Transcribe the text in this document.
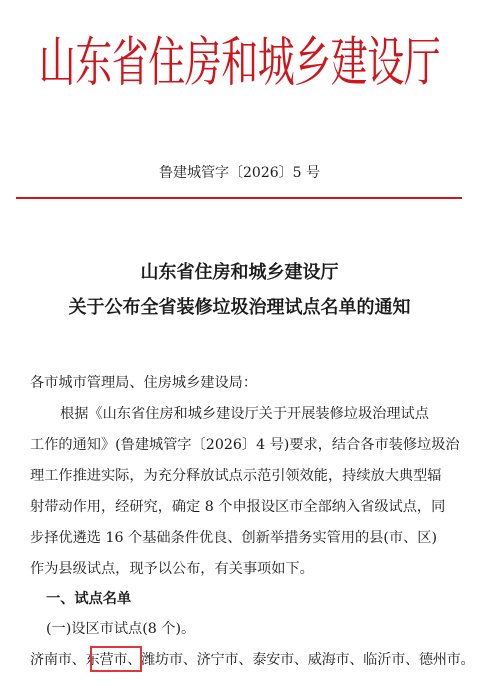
山东省住房和城乡建设厅
鲁建城管字〔2026〕5 号
山东省住房和城乡建设厅
关于公布全省装修垃圾治理试点名单的通知
各市城市管理局、住房城乡建设局：
根据《山东省住房和城乡建设厅关于开展装修垃圾治理试点
工作的通知》(鲁建城管字〔2026〕4 号)要求，结合各市装修垃圾治
理工作推进实际，为充分释放试点示范引领效能，持续放大典型辐
射带动作用，经研究，确定 8 个申报设区市全部纳入省级试点，同
步择优遴选 16 个基础条件优良、创新举措务实管用的县(市、区)
作为县级试点，现予以公布，有关事项如下。
一、试点名单
(一)设区市试点(8 个)。
济南市、东营市、潍坊市、济宁市、泰安市、威海市、临沂市、德州市。
